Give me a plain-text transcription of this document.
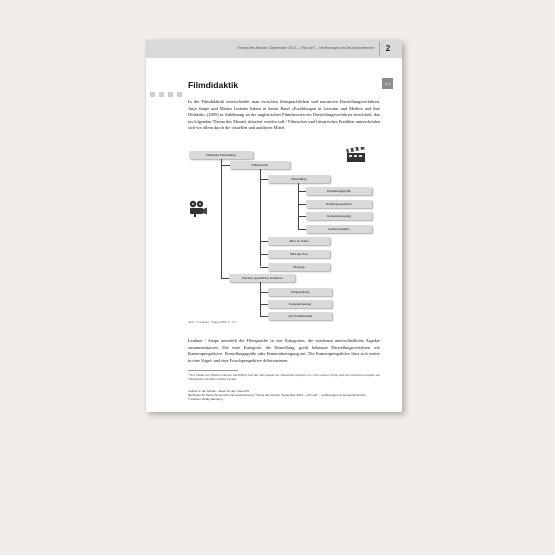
Thema des Monats: September 2013 – „Film ab!“ – Verfilmungen im Deutschunterricht	2
Filmdidaktik	1.1
In der Filmdidaktik unterscheidet man zwischen filmsprachlichen und narrativen Darstellungsverfahren. Anja Saupe und Martin Leubner haben in ihrem Band »Erzählungen in Literatur und Medien und ihre Didaktik« (2009) in Anlehnung an die anglistischen Filmtheorien ein Darstellungsverfahren entwickelt, das im folgenden Thema des Monats skizziert werden soll.¹ Filmisches und literarisches Erzählen unterscheiden sich vor allem durch die visuellen und auditiven Mittel.
Filmische Darstellung
Filmsprache
Einstellung
Einstellungsgröße
Kameraperspektive
Kamerabewegung
Kameraobjektiv
Mise en Scène
Bild und Ton
Montage
Narrativ-sprachliche Verfahren
Zeitgestaltung
Perspektivierung
Ggf. Erzählinstanz
Abb. 1: Leubner / Saupe 2009, S. 175
Leubner / Saupe unterteilt die Filmsprache in vier Kategorien, die wiederum unterschiedliche Aspekte zusammenfassen. Die erste Kategorie, die Einstellung, greift bekannte Darstellungsverfahren wie Kameraperspektive, Einstellungsgröße oder Kamerabewegung auf. Die Kameraperspektive lässt sich weiter in eine Vogel- und eine Froschperspektive differenzieren.
¹ Das Thema des Monats Oktober beschäftigt sich mit dem Aspekt der filmischen Adaption. Es wird weiterer Folge sind die relevanten Aspekte des Filmanalyse detailliert erklärt werden.
Carlsen in der Schule – Ideen für den Unterricht
Methoden für Deutschunterricht und Leseförderung: Thema des Monats: September 2013 – „Film ab!“ – Verfilmungen im Deutschunterricht
© Carlsen Verlag Hamburg
